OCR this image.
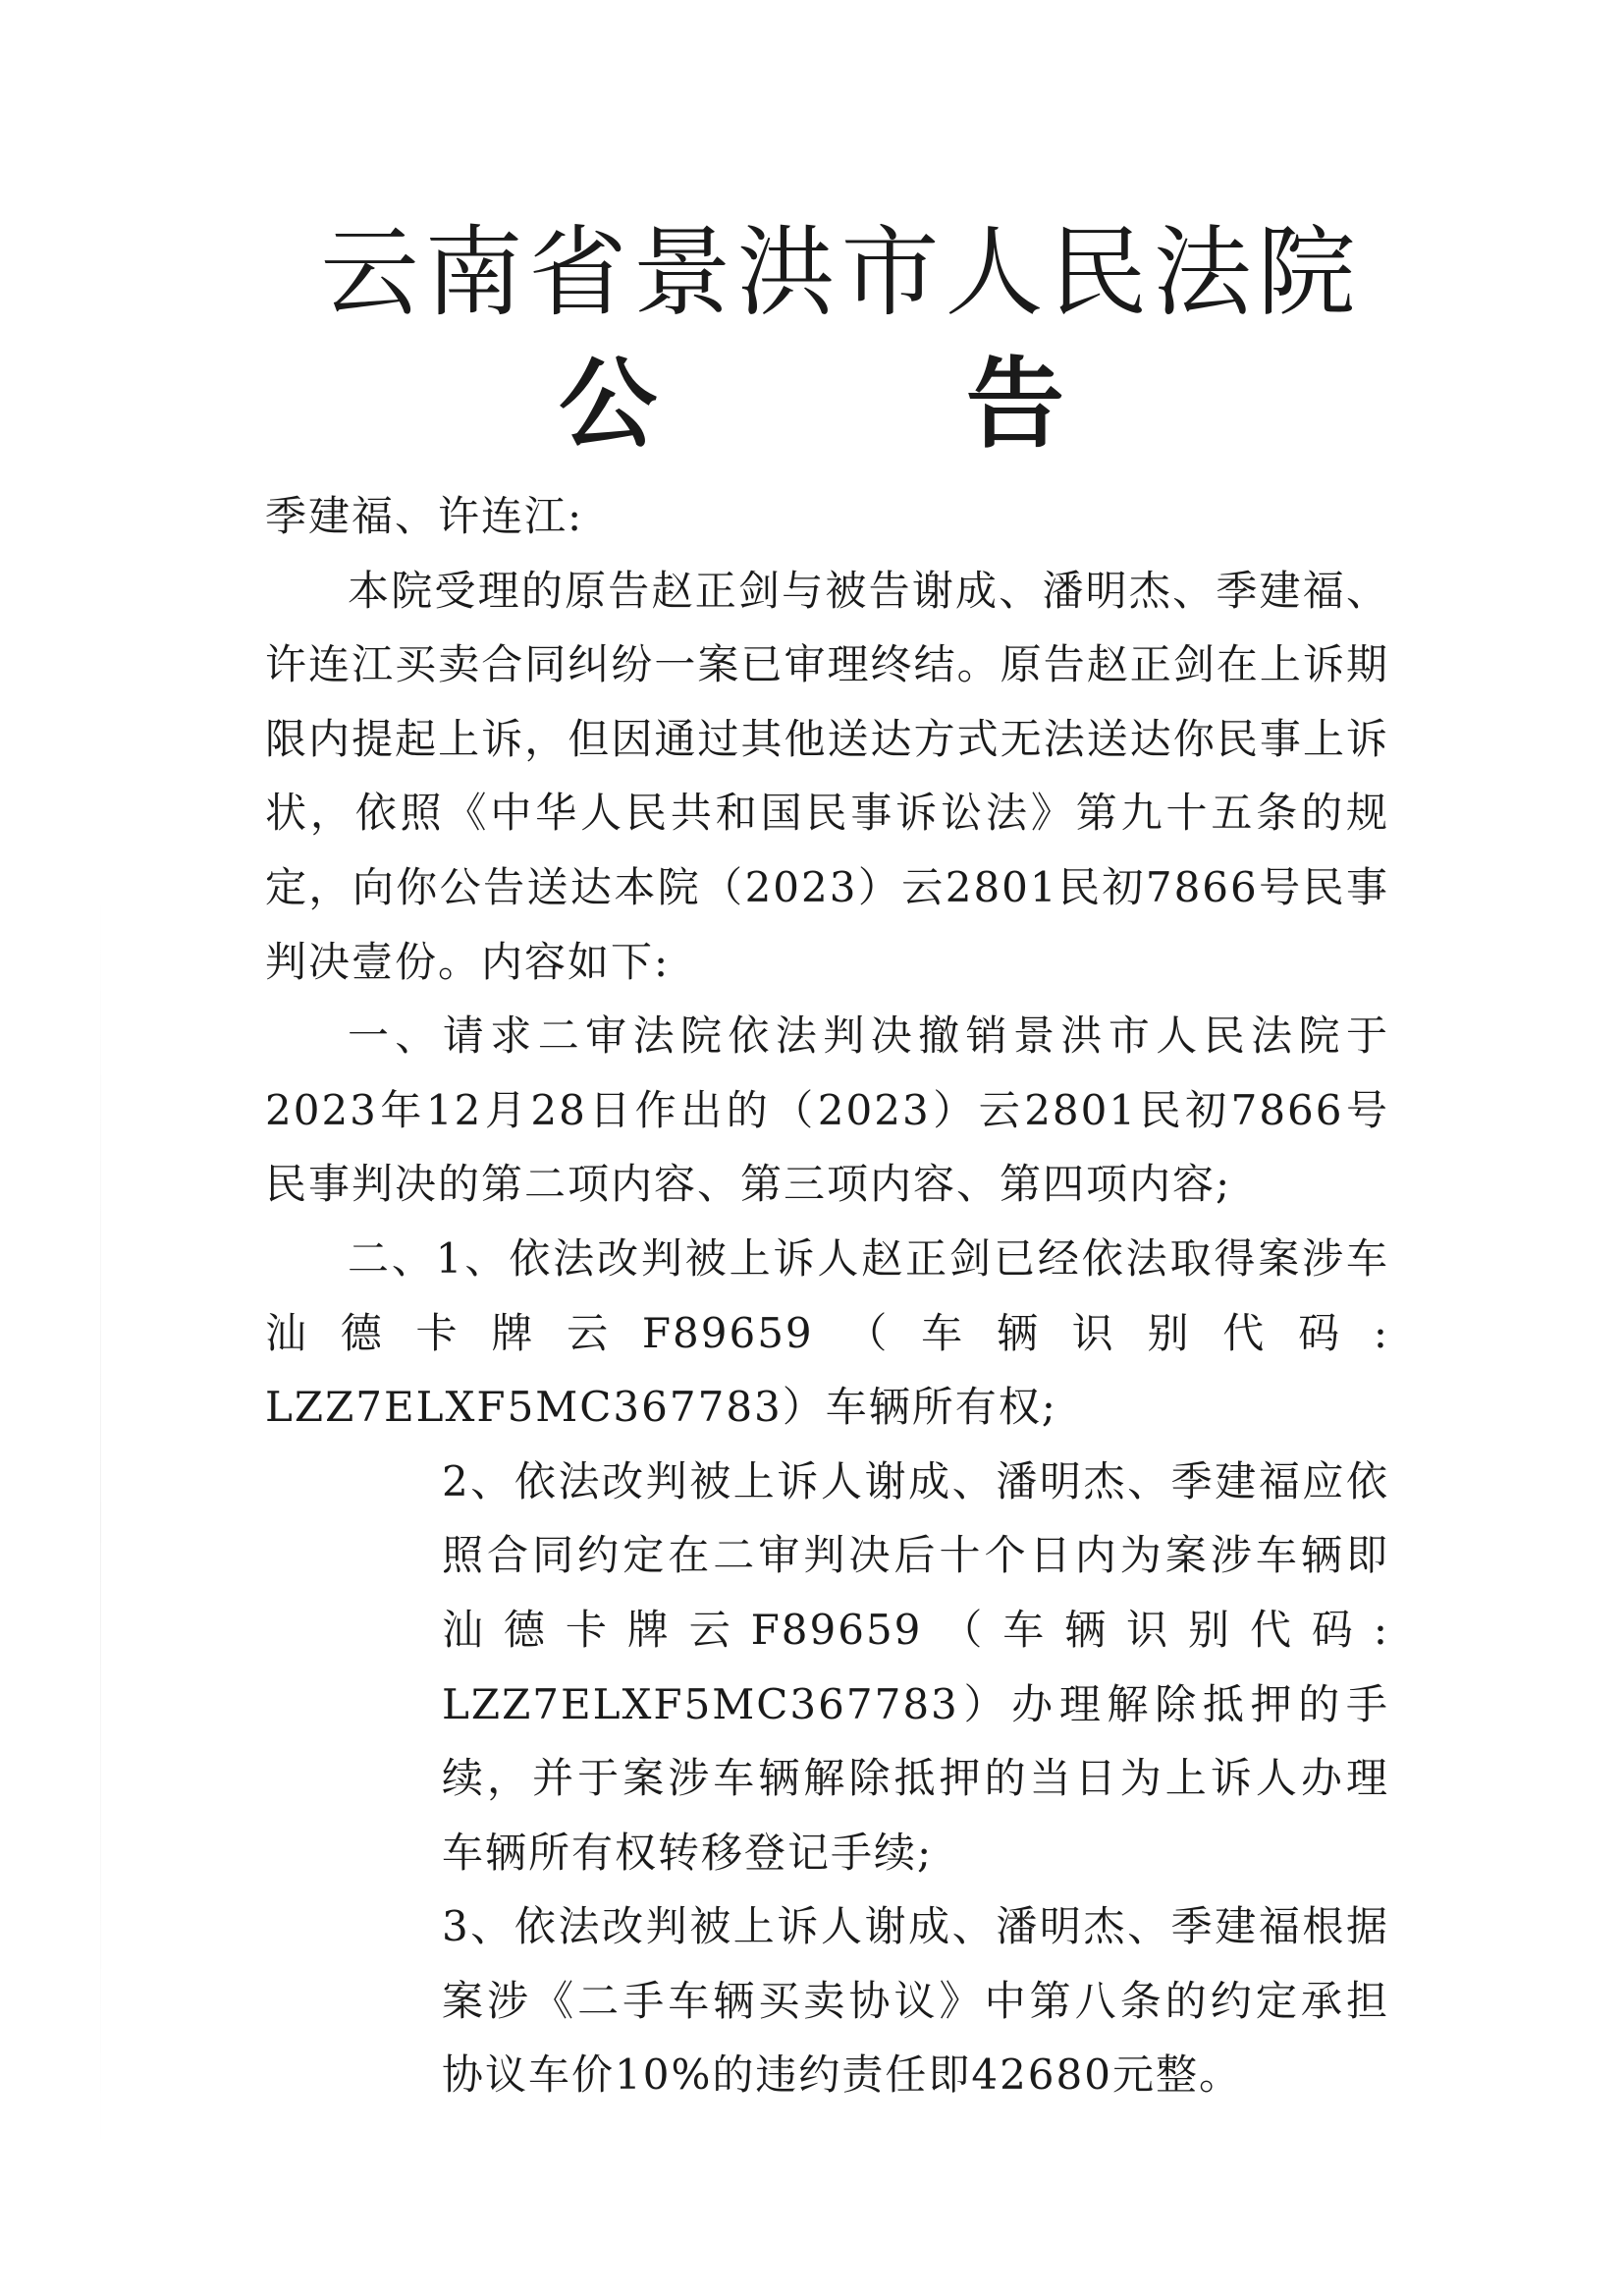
云南省景洪市人民法院
公 告

季建福、许连江:

本院受理的原告赵正剑与被告谢成、潘明杰、季建福、许连江买卖合同纠纷一案已审理终结。原告赵正剑在上诉期限内提起上诉，但因通过其他送达方式无法送达你民事上诉状，依照《中华人民共和国民事诉讼法》第九十五条的规定，向你公告送达本院（2023）云2801民初7866号民事判决壹份。内容如下:

一、请求二审法院依法判决撤销景洪市人民法院于2023年12月28日作出的（2023）云2801民初7866号民事判决的第二项内容、第三项内容、第四项内容;

二、1、依法改判被上诉人赵正剑已经依法取得案涉车汕德卡牌云F89659（车辆识别代码: LZZ7ELXF5MC367783）车辆所有权;

2、依法改判被上诉人谢成、潘明杰、季建福应依照合同约定在二审判决后十个日内为案涉车辆即汕德卡牌云F89659（车辆识别代码: LZZ7ELXF5MC367783）办理解除抵押的手续，并于案涉车辆解除抵押的当日为上诉人办理车辆所有权转移登记手续;

3、依法改判被上诉人谢成、潘明杰、季建福根据案涉《二手车辆买卖协议》中第八条的约定承担协议车价10%的违约责任即42680元整。
